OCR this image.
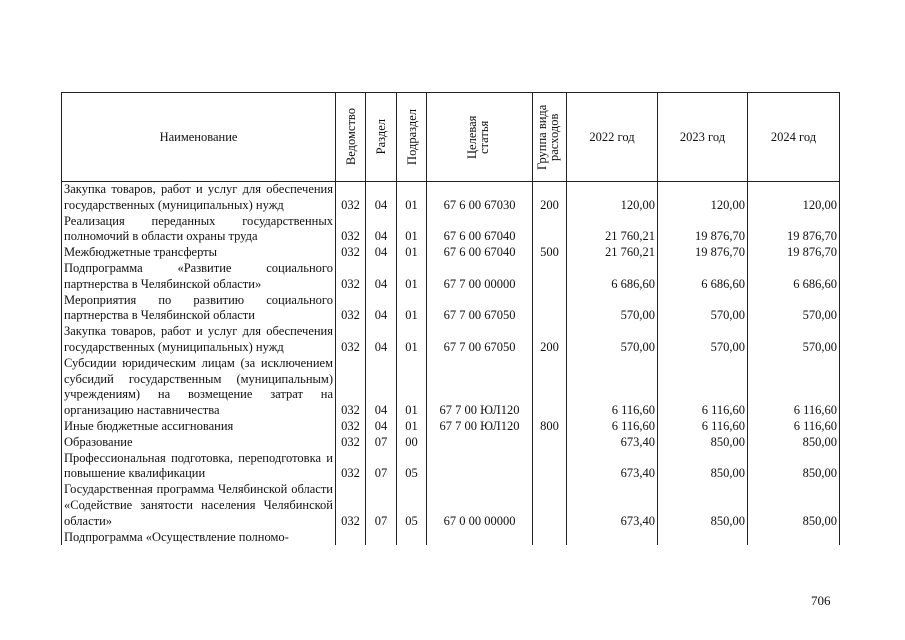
Наименование	Ведомство	Раздел	Подраздел	Целевая статья	Группа вида расходов	2022 год	2023 год	2024 год
Закупка товаров, работ и услуг для обеспечения государственных (муниципальных) нужд	032	04	01	67 6 00 67030	200	120,00	120,00	120,00
Реализация переданных государственных полномочий в области охраны труда	032	04	01	67 6 00 67040		21 760,21	19 876,70	19 876,70
Межбюджетные трансферты	032	04	01	67 6 00 67040	500	21 760,21	19 876,70	19 876,70
Подпрограмма «Развитие социального партнерства в Челябинской области»	032	04	01	67 7 00 00000		6 686,60	6 686,60	6 686,60
Мероприятия по развитию социального партнерства в Челябинской области	032	04	01	67 7 00 67050		570,00	570,00	570,00
Закупка товаров, работ и услуг для обеспечения государственных (муниципальных) нужд	032	04	01	67 7 00 67050	200	570,00	570,00	570,00
Субсидии юридическим лицам (за исключением субсидий государственным (муниципальным) учреждениям) на возмещение затрат на организацию наставничества	032	04	01	67 7 00 ЮЛ120		6 116,60	6 116,60	6 116,60
Иные бюджетные ассигнования	032	04	01	67 7 00 ЮЛ120	800	6 116,60	6 116,60	6 116,60
Образование	032	07	00			673,40	850,00	850,00
Профессиональная подготовка, переподготовка и повышение квалификации	032	07	05			673,40	850,00	850,00
Государственная программа Челябинской области «Содействие занятости населения Челябинской области»	032	07	05	67 0 00 00000		673,40	850,00	850,00
Подпрограмма «Осуществление полномо-								
706
